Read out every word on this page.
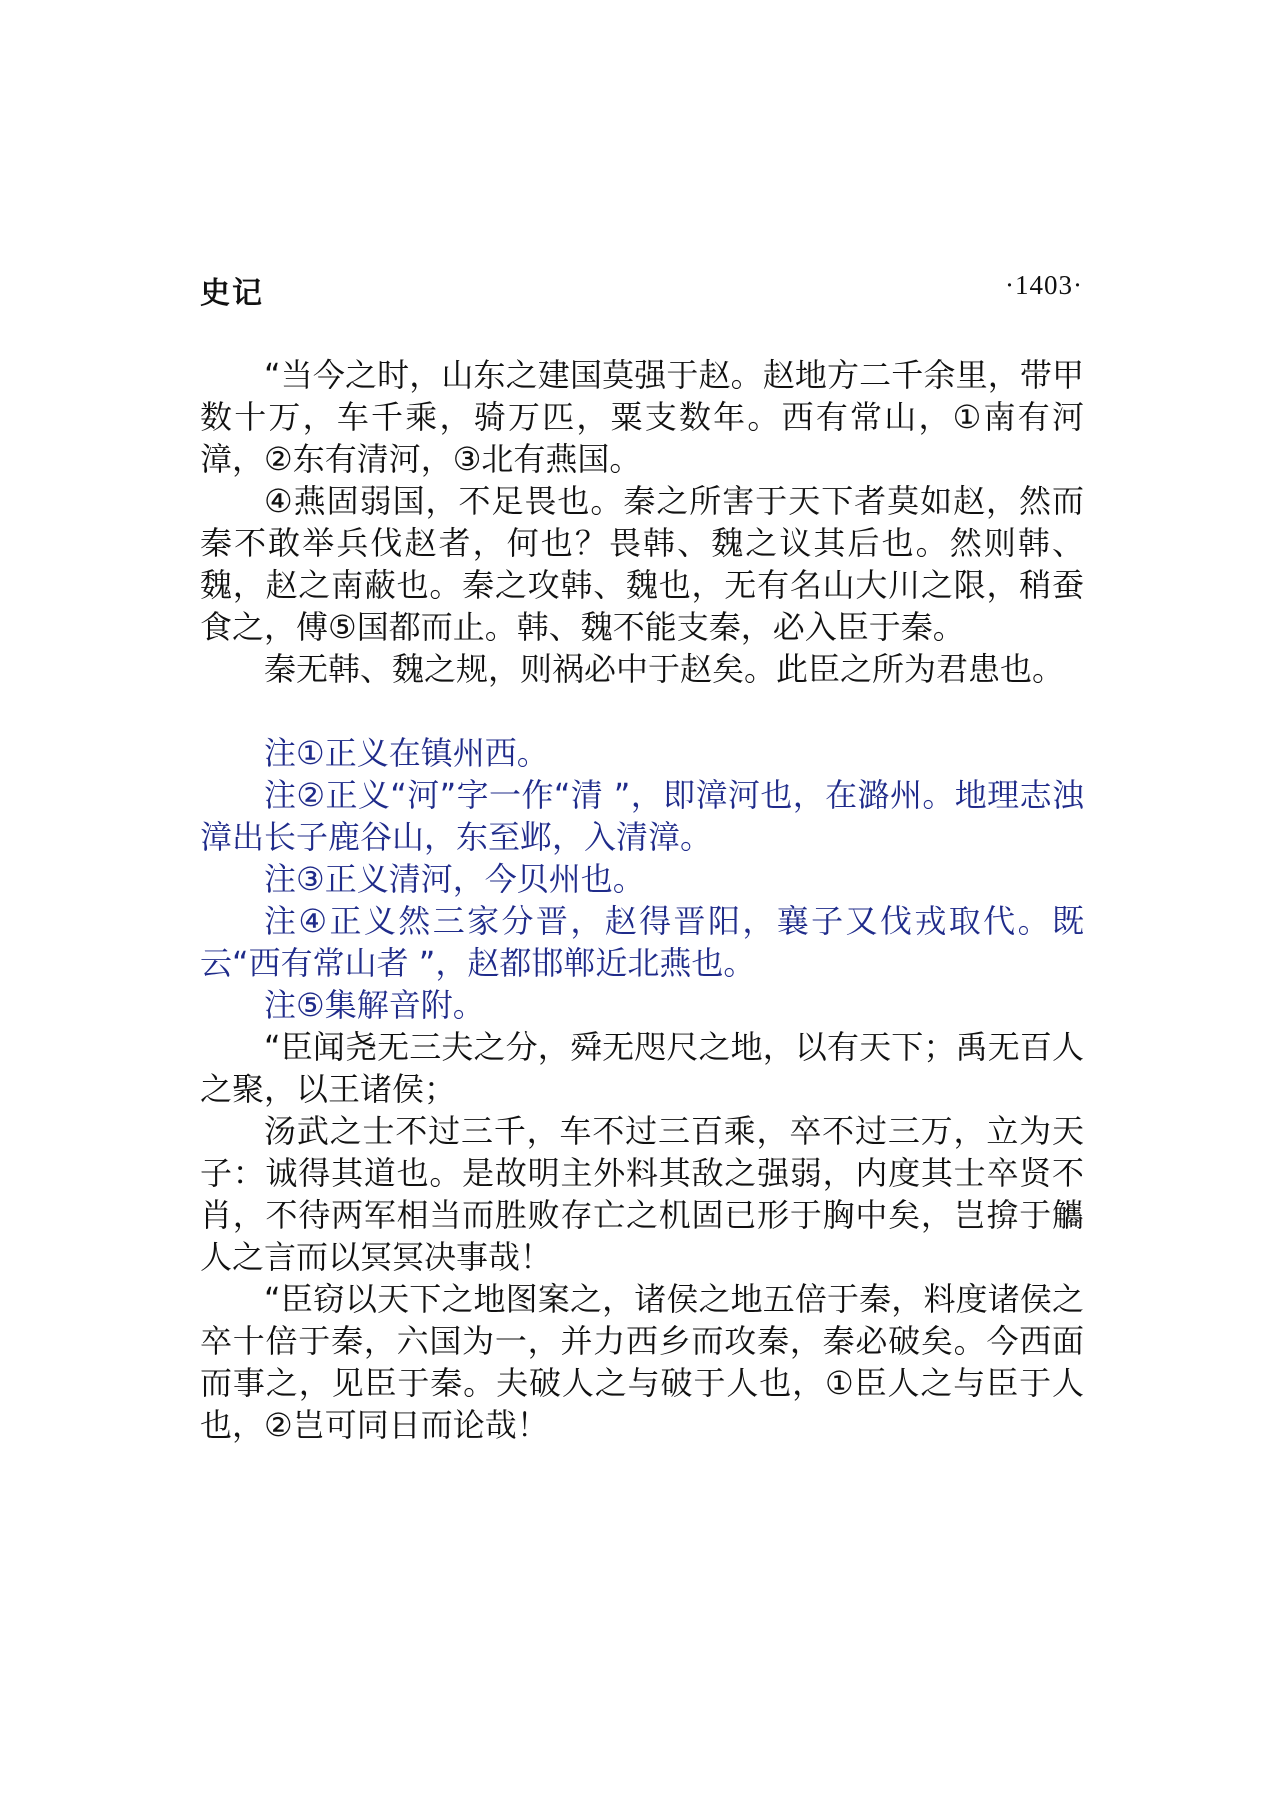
史记	·1403·

“当今之时，山东之建国莫强于赵。赵地方二千余里，带甲数十万，车千乘，骑万匹，粟支数年。西有常山，①南有河漳，②东有清河，③北有燕国。

④燕固弱国，不足畏也。秦之所害于天下者莫如赵，然而秦不敢举兵伐赵者，何也？畏韩、魏之议其后也。然则韩、魏，赵之南蔽也。秦之攻韩、魏也，无有名山大川之限，稍蚕食之，傅⑤国都而止。韩、魏不能支秦，必入臣于秦。

秦无韩、魏之规，则祸必中于赵矣。此臣之所为君患也。

注①正义在镇州西。

注②正义“河”字一作“清 ”，即漳河也，在潞州。地理志浊漳出长子鹿谷山，东至邺，入清漳。

注③正义清河，今贝州也。

注④正义然三家分晋，赵得晋阳，襄子又伐戎取代。既云“西有常山者 ”，赵都邯郸近北燕也。

注⑤集解音附。

“臣闻尧无三夫之分，舜无咫尺之地，以有天下；禹无百人之聚，以王诸侯；

汤武之士不过三千，车不过三百乘，卒不过三万，立为天子：诚得其道也。是故明主外料其敌之强弱，内度其士卒贤不肖，不待两军相当而胜败存亡之机固已形于胸中矣，岂揜于觿人之言而以冥冥决事哉！

“臣窃以天下之地图案之，诸侯之地五倍于秦，料度诸侯之卒十倍于秦，六国为一，并力西乡而攻秦，秦必破矣。今西面而事之，见臣于秦。夫破人之与破于人也，①臣人之与臣于人也，②岂可同日而论哉！
